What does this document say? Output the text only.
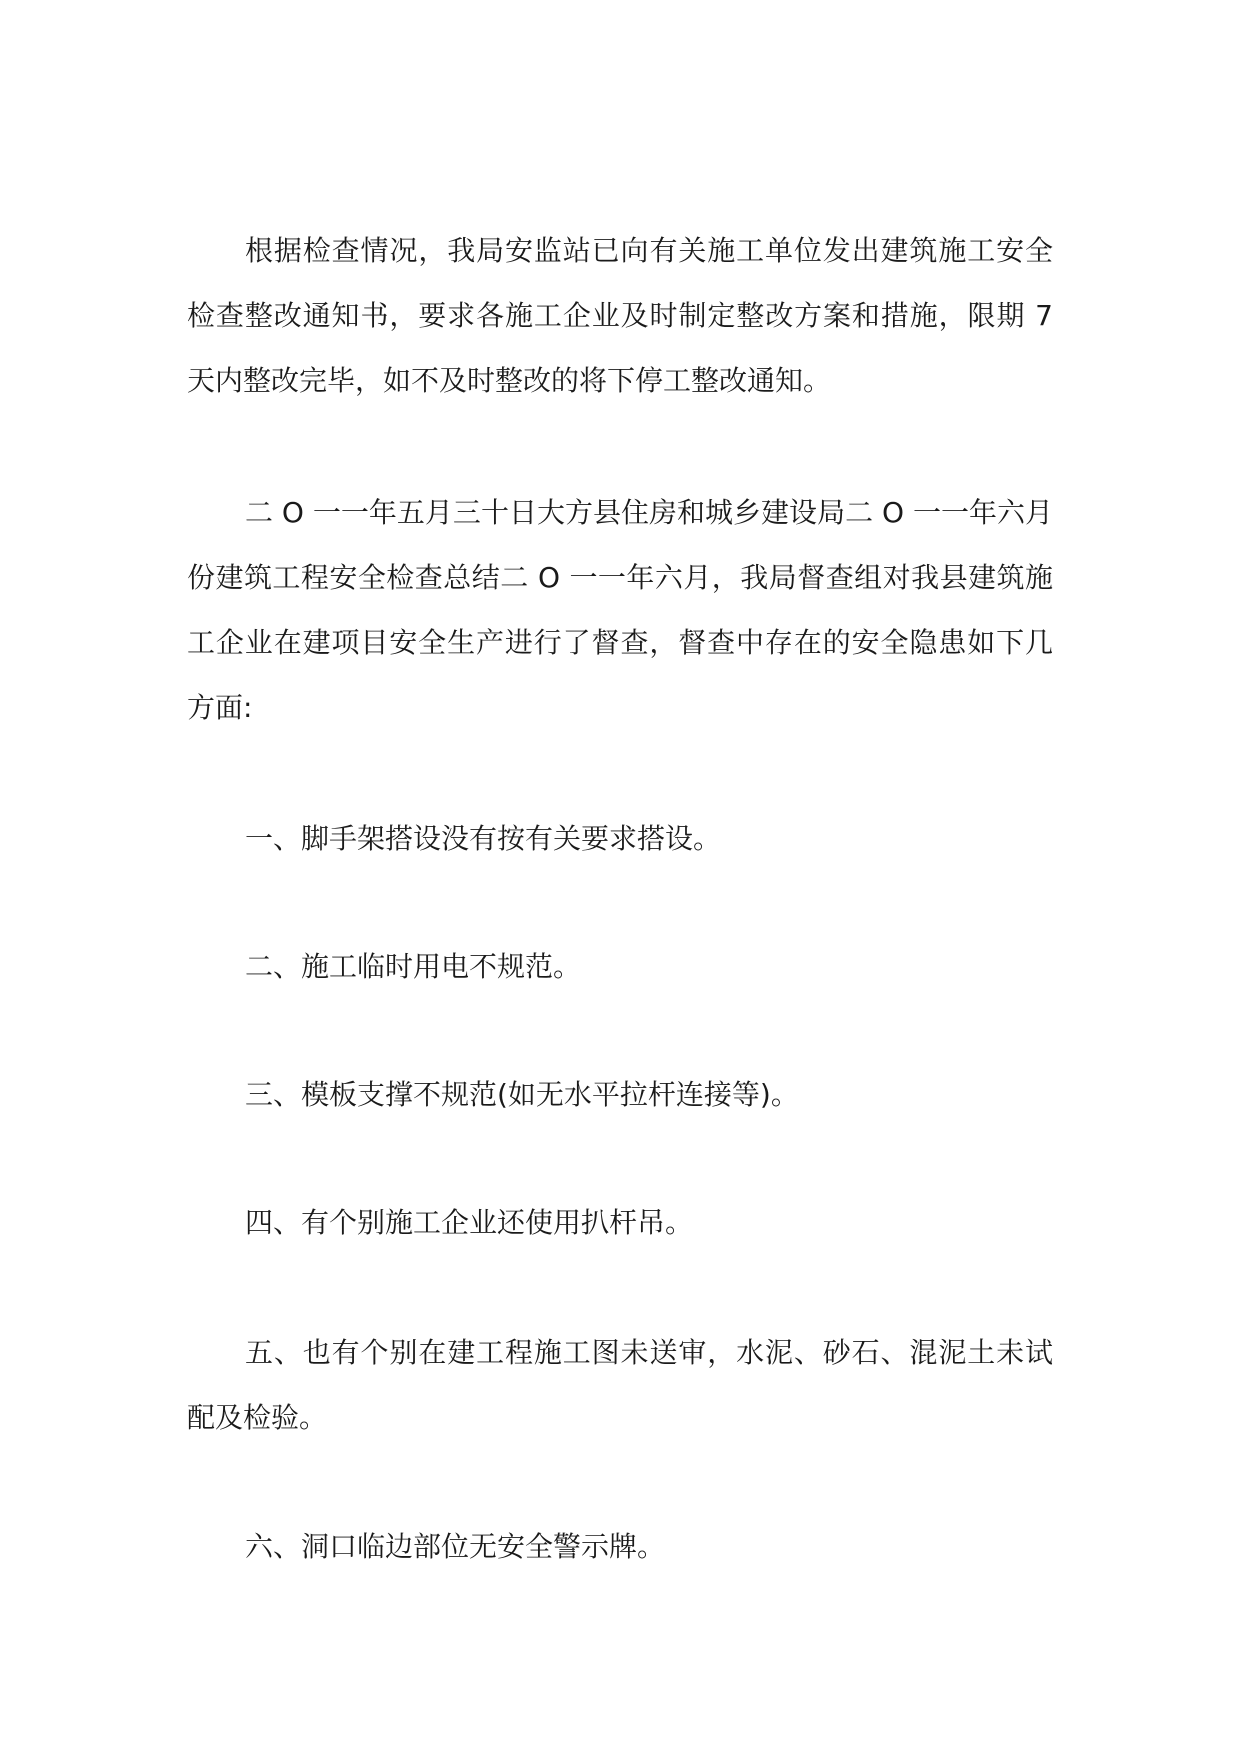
根据检查情况，我局安监站已向有关施工单位发出建筑施工安全检查整改通知书，要求各施工企业及时制定整改方案和措施，限期 7 天内整改完毕，如不及时整改的将下停工整改通知。

二 O 一一年五月三十日大方县住房和城乡建设局二 O 一一年六月份建筑工程安全检查总结二 O 一一年六月，我局督查组对我县建筑施工企业在建项目安全生产进行了督查，督查中存在的安全隐患如下几方面:

一、脚手架搭设没有按有关要求搭设。

二、施工临时用电不规范。

三、模板支撑不规范(如无水平拉杆连接等)。

四、有个别施工企业还使用扒杆吊。

五、也有个别在建工程施工图未送审，水泥、砂石、混泥土未试配及检验。

六、洞口临边部位无安全警示牌。
